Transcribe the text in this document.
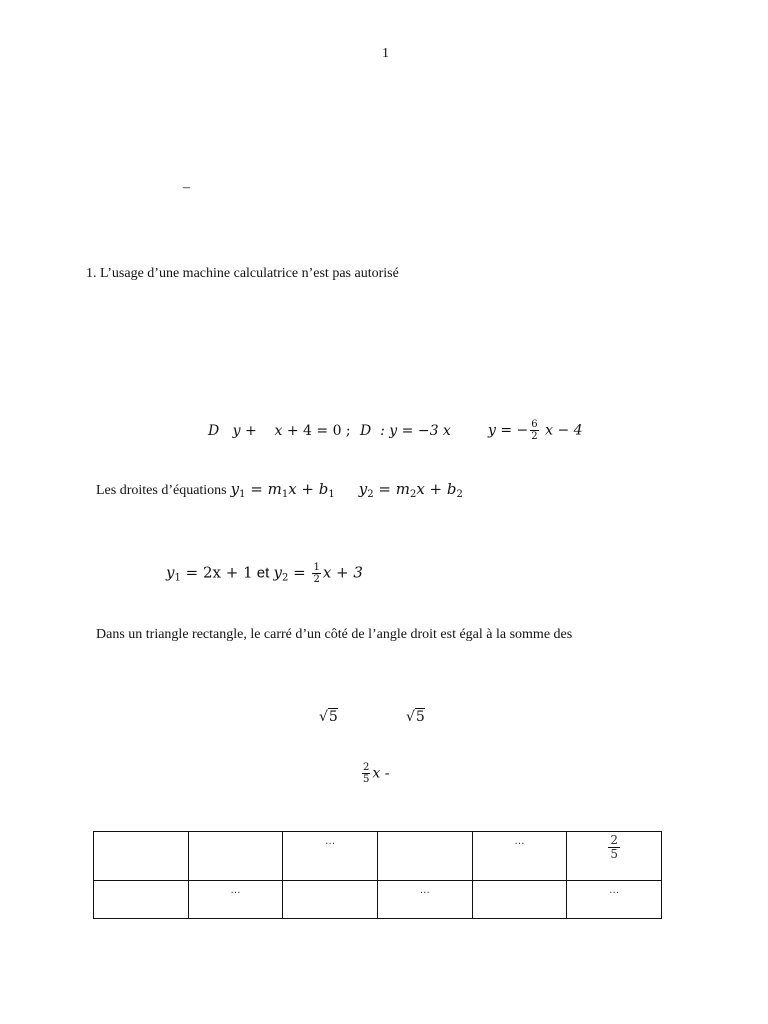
1
–
1. L’usage d’une machine calculatrice n’est pas autorisé
D y + x + 4 = 0 ; D : y = −3 x	y = − $\frac{6}{2}$ x − 4
Les droites d’équations $y_1 = m_1x + b_1$ $y_2 = m_2x + b_2$
$y_1 = 2x + 1$ et $y_2 = \frac{1}{2}$ x + 3
Dans un triangle rectangle, le carré d’un côté de l’angle droit est égal à la somme des
√5	√5
$\frac{2}{5}$ x -
		…		…	$\frac{2}{5}$

	…		…		…
